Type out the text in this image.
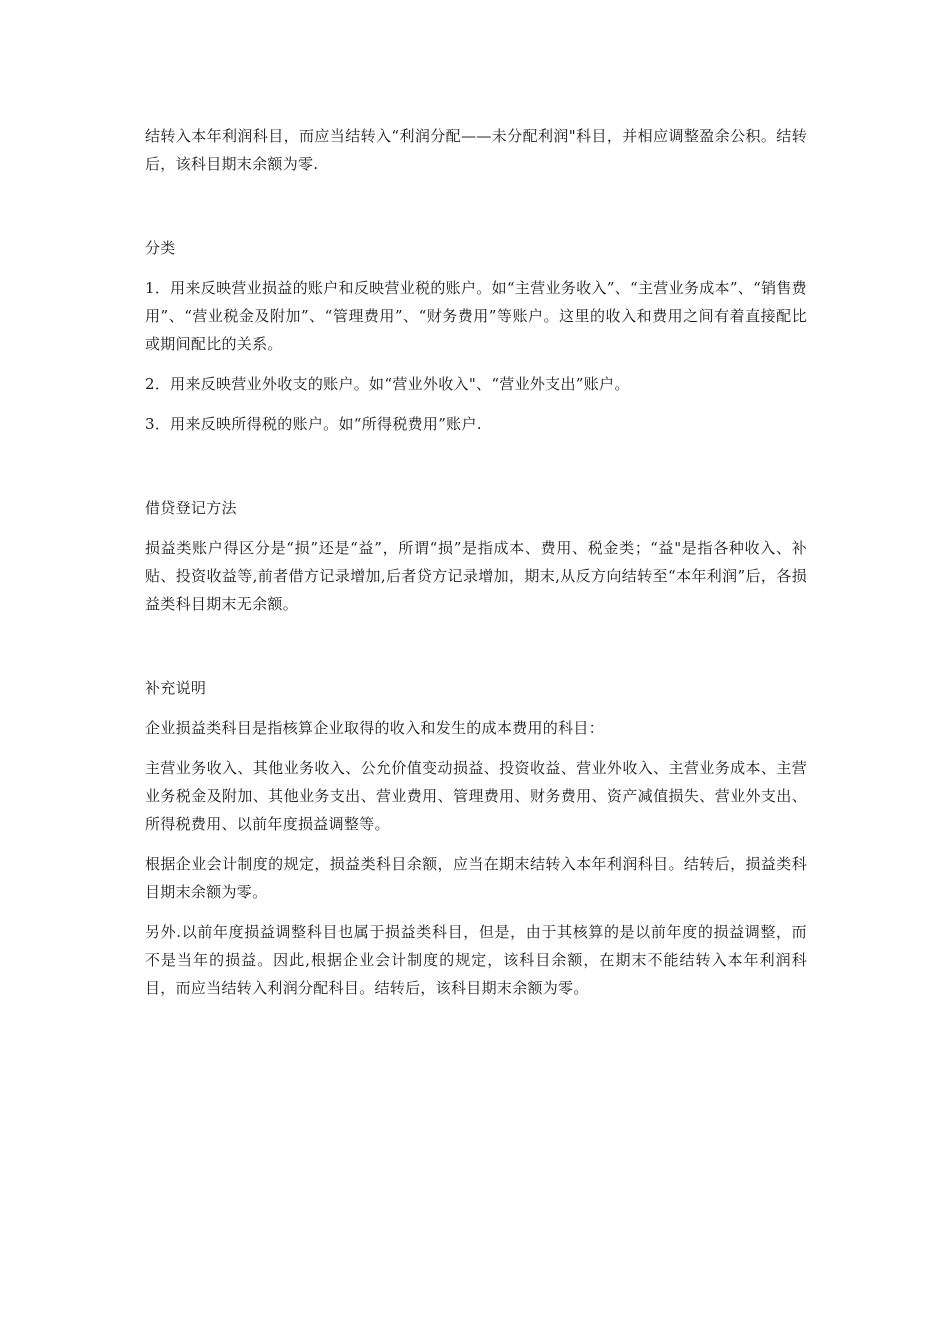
结转入本年利润科目，而应当结转入“利润分配——未分配利润"科目，并相应调整盈余公积。结转后，该科目期末余额为零.

分类

1．用来反映营业损益的账户和反映营业税的账户。如“主营业务收入”、“主营业务成本”、“销售费用”、“营业税金及附加”、“管理费用”、“财务费用”等账户。这里的收入和费用之间有着直接配比或期间配比的关系。

2．用来反映营业外收支的账户。如“营业外收入"、“营业外支出”账户。

3．用来反映所得税的账户。如“所得税费用”账户.

借贷登记方法

损益类账户得区分是“损”还是“益”，所谓“损”是指成本、费用、税金类；“益"是指各种收入、补贴、投资收益等,前者借方记录增加,后者贷方记录增加，期末,从反方向结转至“本年利润”后，各损益类科目期末无余额。

补充说明

企业损益类科目是指核算企业取得的收入和发生的成本费用的科目：

主营业务收入、其他业务收入、公允价值变动损益、投资收益、营业外收入、主营业务成本、主营业务税金及附加、其他业务支出、营业费用、管理费用、财务费用、资产减值损失、营业外支出、所得税费用、以前年度损益调整等。

根据企业会计制度的规定，损益类科目余额，应当在期末结转入本年利润科目。结转后，损益类科目期末余额为零。

另外.以前年度损益调整科目也属于损益类科目，但是，由于其核算的是以前年度的损益调整，而不是当年的损益。因此,根据企业会计制度的规定，该科目余额，在期末不能结转入本年利润科目，而应当结转入利润分配科目。结转后，该科目期末余额为零。
